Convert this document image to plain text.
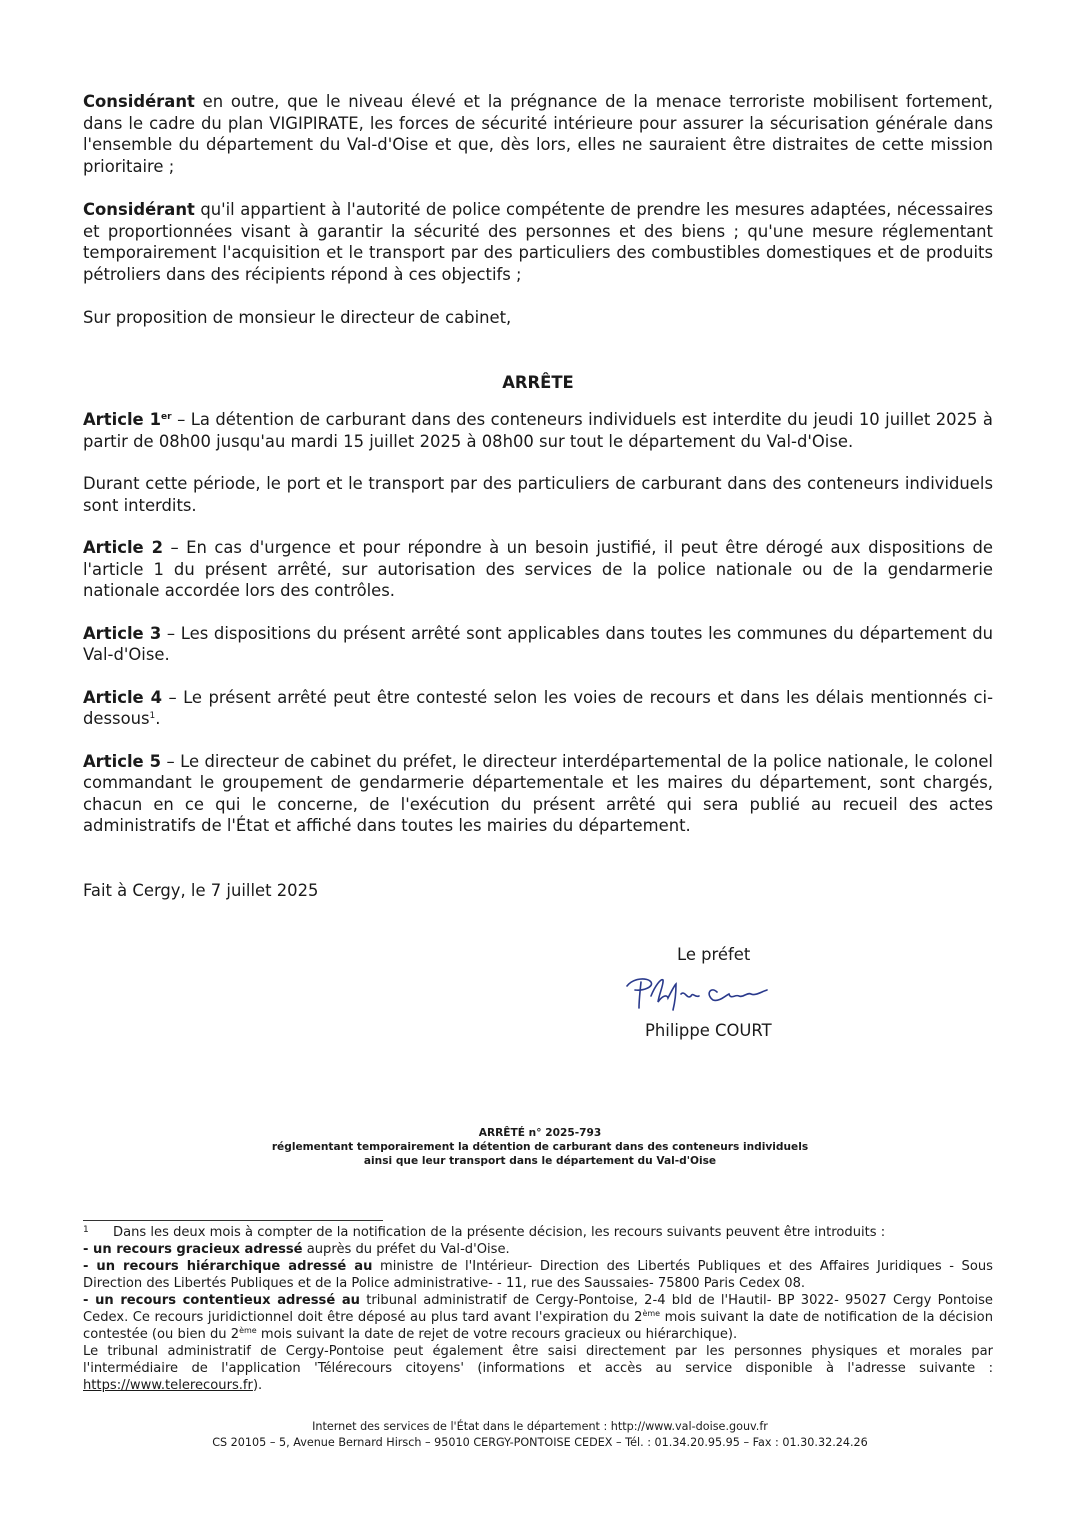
Considérant en outre, que le niveau élevé et la prégnance de la menace terroriste mobilisent fortement, dans le cadre du plan VIGIPIRATE, les forces de sécurité intérieure pour assurer la sécurisation générale dans l'ensemble du département du Val-d'Oise et que, dès lors, elles ne sauraient être distraites de cette mission prioritaire ;

Considérant qu'il appartient à l'autorité de police compétente de prendre les mesures adaptées, nécessaires et proportionnées visant à garantir la sécurité des personnes et des biens ; qu'une mesure réglementant temporairement l'acquisition et le transport par des particuliers des combustibles domestiques et de produits pétroliers dans des récipients répond à ces objectifs ;

Sur proposition de monsieur le directeur de cabinet,

ARRÊTE

Article 1er – La détention de carburant dans des conteneurs individuels est interdite du jeudi 10 juillet 2025 à partir de 08h00 jusqu'au mardi 15 juillet 2025 à 08h00 sur tout le département du Val-d'Oise.

Durant cette période, le port et le transport par des particuliers de carburant dans des conteneurs individuels sont interdits.

Article 2 – En cas d'urgence et pour répondre à un besoin justifié, il peut être dérogé aux dispositions de l'article 1 du présent arrêté, sur autorisation des services de la police nationale ou de la gendarmerie nationale accordée lors des contrôles.

Article 3 – Les dispositions du présent arrêté sont applicables dans toutes les communes du département du Val-d'Oise.

Article 4 – Le présent arrêté peut être contesté selon les voies de recours et dans les délais mentionnés ci-dessous$^1$.

Article 5 – Le directeur de cabinet du préfet, le directeur interdépartemental de la police nationale, le colonel commandant le groupement de gendarmerie départementale et les maires du département, sont chargés, chacun en ce qui le concerne, de l'exécution du présent arrêté qui sera publié au recueil des actes administratifs de l'État et affiché dans toutes les mairies du département.

Fait à Cergy, le 7 juillet 2025

Le préfet
Philippe COURT
ARRÊTÉ n° 2025-793
réglementant temporairement la détention de carburant dans des conteneurs individuels
ainsi que leur transport dans le département du Val-d'Oise

1 Dans les deux mois à compter de la notification de la présente décision, les recours suivants peuvent être introduits :

- un recours gracieux adressé auprès du préfet du Val-d'Oise.

- un recours hiérarchique adressé au ministre de l'Intérieur- Direction des Libertés Publiques et des Affaires Juridiques - Sous Direction des Libertés Publiques et de la Police administrative- - 11, rue des Saussaies- 75800 Paris Cedex 08.

- un recours contentieux adressé au tribunal administratif de Cergy-Pontoise, 2-4 bld de l'Hautil- BP 3022- 95027 Cergy Pontoise Cedex. Ce recours juridictionnel doit être déposé au plus tard avant l'expiration du 2ème mois suivant la date de notification de la décision contestée (ou bien du 2ème mois suivant la date de rejet de votre recours gracieux ou hiérarchique).

Le tribunal administratif de Cergy-Pontoise peut également être saisi directement par les personnes physiques et morales par l'intermédiaire de l'application 'Télérecours citoyens' (informations et accès au service disponible à l'adresse suivante : https://www.telerecours.fr).

Internet des services de l'État dans le département : http://www.val-doise.gouv.fr
CS 20105 – 5, Avenue Bernard Hirsch – 95010 CERGY-PONTOISE CEDEX – Tél. : 01.34.20.95.95 – Fax : 01.30.32.24.26
